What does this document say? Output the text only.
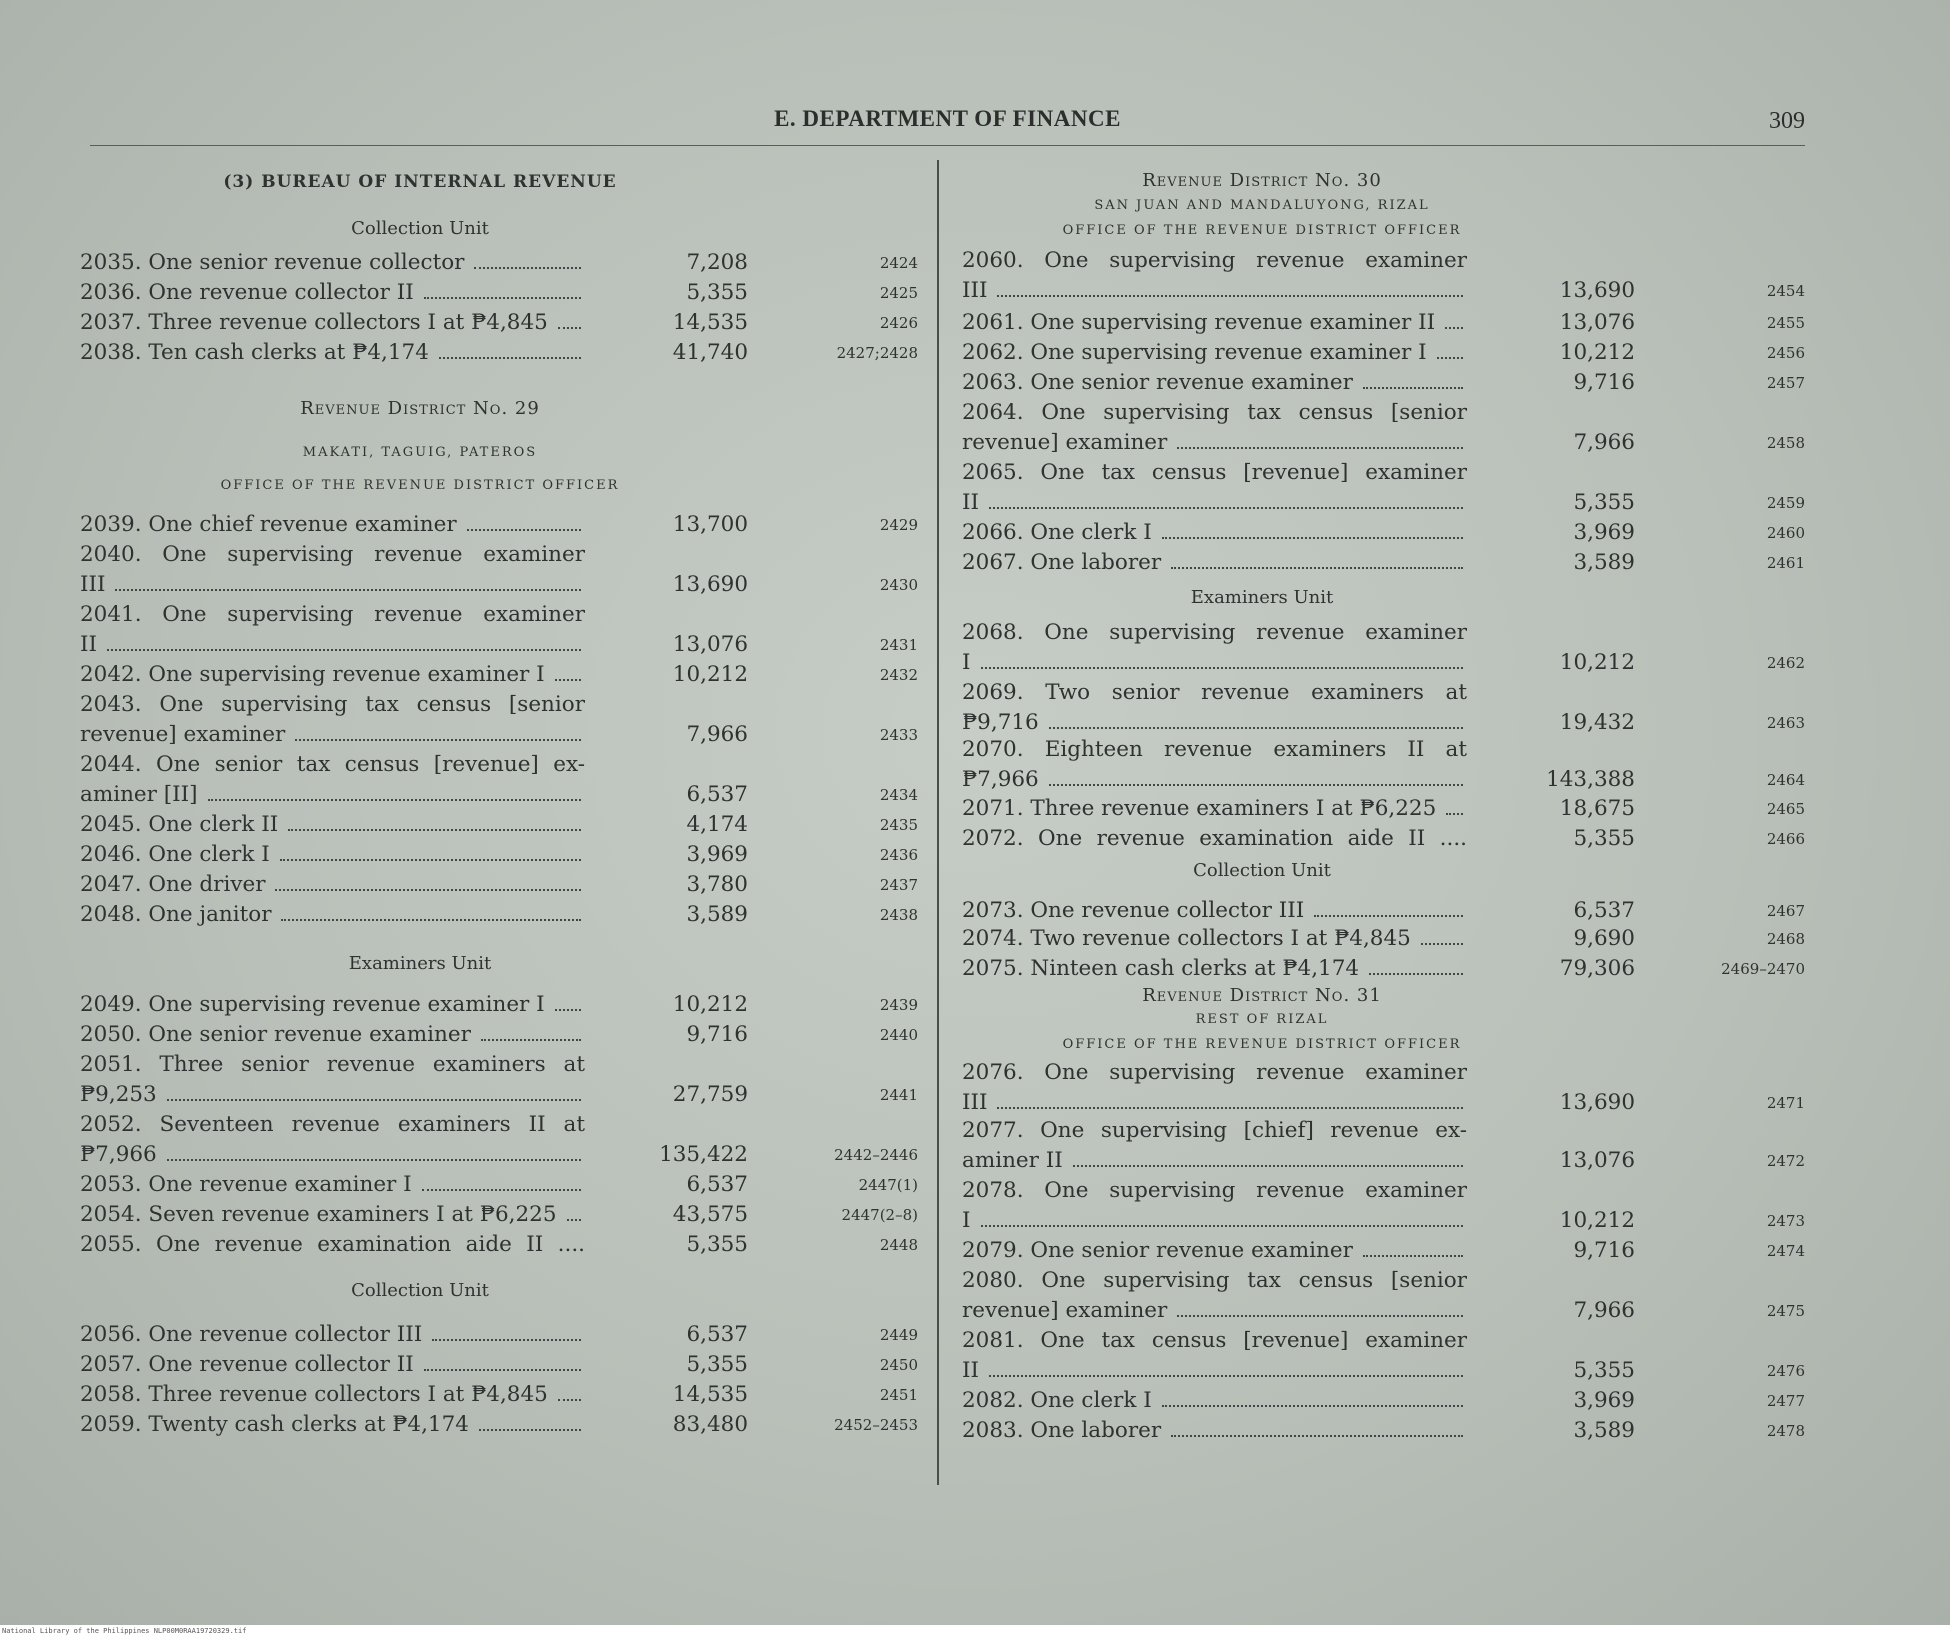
E. DEPARTMENT OF FINANCE	309
(3) BUREAU OF INTERNAL REVENUE
Collection Unit
Revenue District No. 29
MAKATI, TAGUIG, PATEROS
OFFICE OF THE REVENUE DISTRICT OFFICER
Examiners Unit
Collection Unit
2035. One senior revenue collector	7,208	2424
2036. One revenue collector II	5,355	2425
2037. Three revenue collectors I at ₱4,845	14,535	2426
2038. Ten cash clerks at ₱4,174	41,740	2427;2428
2039. One chief revenue examiner	13,700	2429
2040. One supervising revenue examiner
III	13,690	2430
2041. One supervising revenue examiner
II	13,076	2431
2042. One supervising revenue examiner I	10,212	2432
2043. One supervising tax census [senior
revenue] examiner	7,966	2433
2044. One senior tax census [revenue] ex-
aminer [II]	6,537	2434
2045. One clerk II	4,174	2435
2046. One clerk I	3,969	2436
2047. One driver	3,780	2437
2048. One janitor	3,589	2438
2049. One supervising revenue examiner I	10,212	2439
2050. One senior revenue examiner	9,716	2440
2051. Three senior revenue examiners at
₱9,253	27,759	2441
2052. Seventeen revenue examiners II at
₱7,966	135,422	2442–2446
2053. One revenue examiner I	6,537	2447(1)
2054. Seven revenue examiners I at ₱6,225	43,575	2447(2–8)
2055. One revenue examination aide II ....	5,355	2448
2056. One revenue collector III	6,537	2449
2057. One revenue collector II	5,355	2450
2058. Three revenue collectors I at ₱4,845	14,535	2451
2059. Twenty cash clerks at ₱4,174	83,480	2452–2453
Revenue District No. 30
SAN JUAN AND MANDALUYONG, RIZAL
OFFICE OF THE REVENUE DISTRICT OFFICER
Examiners Unit
Collection Unit
Revenue District No. 31
REST OF RIZAL
OFFICE OF THE REVENUE DISTRICT OFFICER
2060. One supervising revenue examiner
III	13,690	2454
2061. One supervising revenue examiner II	13,076	2455
2062. One supervising revenue examiner I	10,212	2456
2063. One senior revenue examiner	9,716	2457
2064. One supervising tax census [senior
revenue] examiner	7,966	2458
2065. One tax census [revenue] examiner
II	5,355	2459
2066. One clerk I	3,969	2460
2067. One laborer	3,589	2461
2068. One supervising revenue examiner
I	10,212	2462
2069. Two senior revenue examiners at
₱9,716	19,432	2463
2070. Eighteen revenue examiners II at
₱7,966	143,388	2464
2071. Three revenue examiners I at ₱6,225	18,675	2465
2072. One revenue examination aide II ....	5,355	2466
2073. One revenue collector III	6,537	2467
2074. Two revenue collectors I at ₱4,845	9,690	2468
2075. Ninteen cash clerks at ₱4,174	79,306	2469–2470
2076. One supervising revenue examiner
III	13,690	2471
2077. One supervising [chief] revenue ex-
aminer II	13,076	2472
2078. One supervising revenue examiner
I	10,212	2473
2079. One senior revenue examiner	9,716	2474
2080. One supervising tax census [senior
revenue] examiner	7,966	2475
2081. One tax census [revenue] examiner
II	5,355	2476
2082. One clerk I	3,969	2477
2083. One laborer	3,589	2478
National Library of the Philippines NLP00M0RAA19720329.tif
